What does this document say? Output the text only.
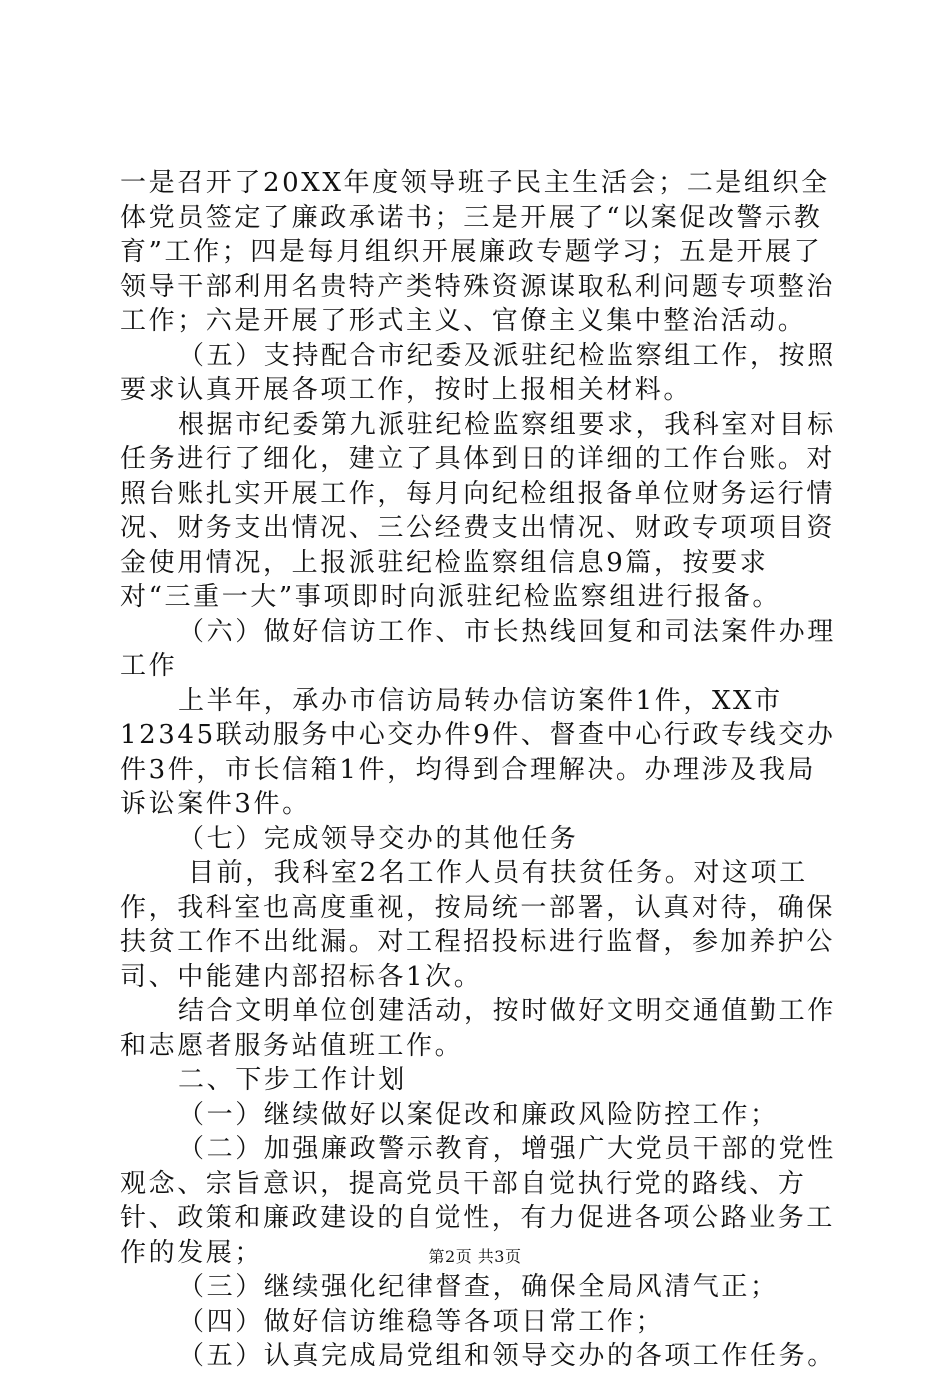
一是召开了20XX年度领导班子民主生活会；二是组织全体党员签定了廉政承诺书；三是开展了“以案促改警示教育”工作；四是每月组织开展廉政专题学习；五是开展了领导干部利用名贵特产类特殊资源谋取私利问题专项整治工作；六是开展了形式主义、官僚主义集中整治活动。

（五）支持配合市纪委及派驻纪检监察组工作，按照要求认真开展各项工作，按时上报相关材料。

根据市纪委第九派驻纪检监察组要求，我科室对目标任务进行了细化，建立了具体到日的详细的工作台账。对照台账扎实开展工作，每月向纪检组报备单位财务运行情况、财务支出情况、三公经费支出情况、财政专项项目资金使用情况，上报派驻纪检监察组信息9篇，按要求对“三重一大”事项即时向派驻纪检监察组进行报备。

（六）做好信访工作、市长热线回复和司法案件办理工作

上半年，承办市信访局转办信访案件1件，XX市12345联动服务中心交办件9件、督查中心行政专线交办件3件，市长信箱1件，均得到合理解决。办理涉及我局诉讼案件3件。

（七）完成领导交办的其他任务

目前，我科室2名工作人员有扶贫任务。对这项工作，我科室也高度重视，按局统一部署，认真对待，确保扶贫工作不出纰漏。对工程招投标进行监督，参加养护公司、中能建内部招标各1次。

结合文明单位创建活动，按时做好文明交通值勤工作和志愿者服务站值班工作。

二、下步工作计划

（一）继续做好以案促改和廉政风险防控工作；

（二）加强廉政警示教育，增强广大党员干部的党性观念、宗旨意识，提高党员干部自觉执行党的路线、方针、政策和廉政建设的自觉性，有力促进各项公路业务工作的发展；

（三）继续强化纪律督查，确保全局风清气正；

（四）做好信访维稳等各项日常工作；

（五）认真完成局党组和领导交办的各项工作任务。

第2页 共3页
